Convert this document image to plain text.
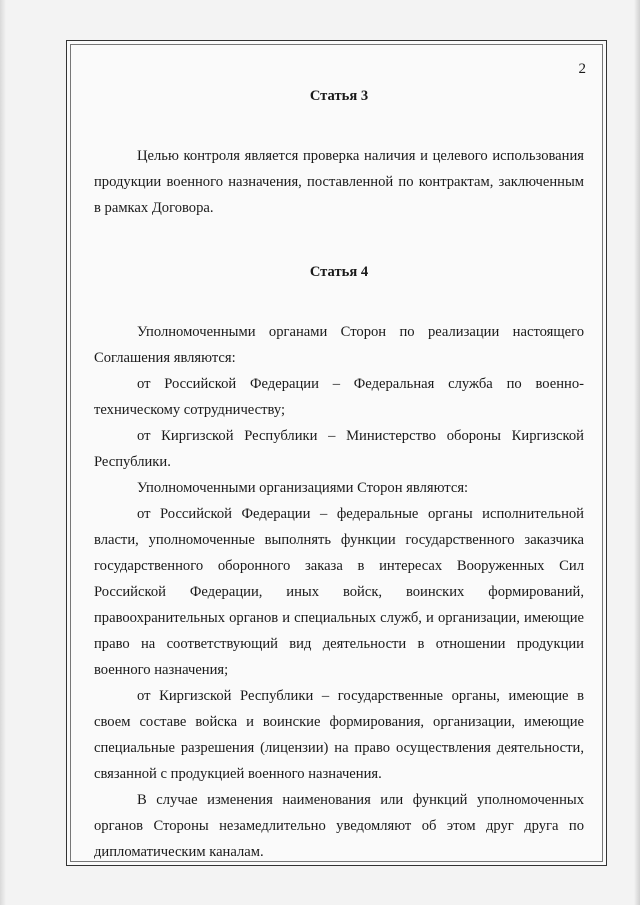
2

Статья 3

Целью контроля является проверка наличия и целевого использования продукции военного назначения, поставленной по контрактам, заключенным в рамках Договора.

Статья 4

Уполномоченными органами Сторон по реализации настоящего Соглашения являются:

от Российской Федерации – Федеральная служба по военно-техническому сотрудничеству;

от Киргизской Республики – Министерство обороны Киргизской Республики.

Уполномоченными организациями Сторон являются:

от Российской Федерации – федеральные органы исполнительной власти, уполномоченные выполнять функции государственного заказчика государственного оборонного заказа в интересах Вооруженных Сил Российской Федерации, иных войск, воинских формирований, правоохранительных органов и специальных служб, и организации, имеющие право на соответствующий вид деятельности в отношении продукции военного назначения;

от Киргизской Республики – государственные органы, имеющие в своем составе войска и воинские формирования, организации, имеющие специальные разрешения (лицензии) на право осуществления деятельности, связанной с продукцией военного назначения.

В случае изменения наименования или функций уполномоченных органов Стороны незамедлительно уведомляют об этом друг друга по дипломатическим каналам.
